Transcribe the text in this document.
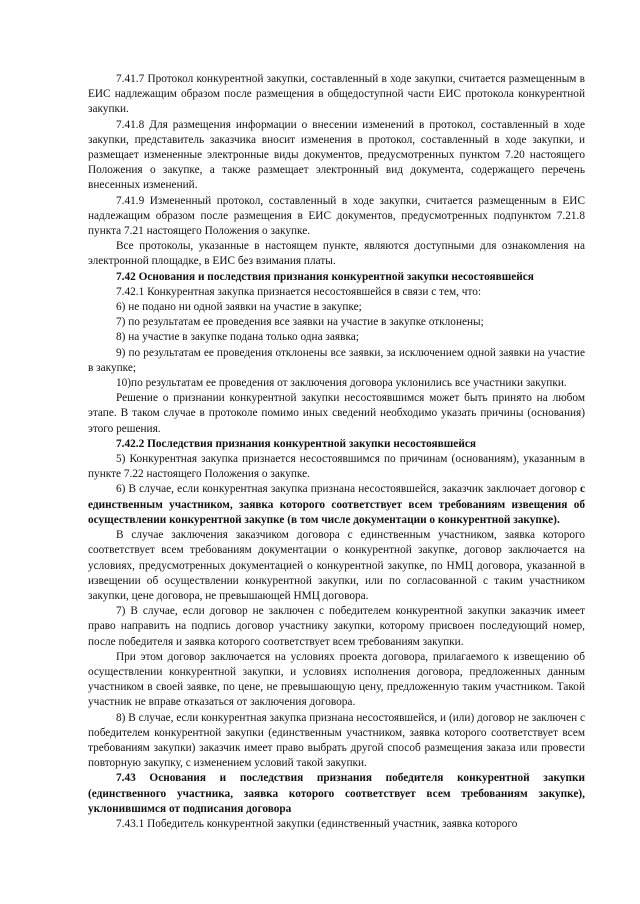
7.41.7 Протокол конкурентной закупки, составленный в ходе закупки, считается размещенным в ЕИС надлежащим образом после размещения в общедоступной части ЕИС протокола конкурентной закупки.

7.41.8 Для размещения информации о внесении изменений в протокол, составленный в ходе закупки, представитель заказчика вносит изменения в протокол, составленный в ходе закупки, и размещает измененные электронные виды документов, предусмотренных пунктом 7.20 настоящего Положения о закупке, а также размещает электронный вид документа, содержащего перечень внесенных изменений.

7.41.9 Измененный протокол, составленный в ходе закупки, считается размещенным в ЕИС надлежащим образом после размещения в ЕИС документов, предусмотренных подпунктом 7.21.8 пункта 7.21 настоящего Положения о закупке.

Все протоколы, указанные в настоящем пункте, являются доступными для ознакомления на электронной площадке, в ЕИС без взимания платы.

7.42 Основания и последствия признания конкурентной закупки несостоявшейся

7.42.1 Конкурентная закупка признается несостоявшейся в связи с тем, что:

6) не подано ни одной заявки на участие в закупке;

7) по результатам ее проведения все заявки на участие в закупке отклонены;

8) на участие в закупке подана только одна заявка;

9) по результатам ее проведения отклонены все заявки, за исключением одной заявки на участие в закупке;

10)по результатам ее проведения от заключения договора уклонились все участники закупки.

Решение о признании конкурентной закупки несостоявшимся может быть принято на любом этапе. В таком случае в протоколе помимо иных сведений необходимо указать причины (основания) этого решения.

7.42.2 Последствия признания конкурентной закупки несостоявшейся

5) Конкурентная закупка признается несостоявшимся по причинам (основаниям), указанным в пункте 7.22 настоящего Положения о закупке.

6) В случае, если конкурентная закупка признана несостоявшейся, заказчик заключает договор с единственным участником, заявка которого соответствует всем требованиям извещения об осуществлении конкурентной закупке (в том числе документации о конкурентной закупке).

В случае заключения заказчиком договора с единственным участником, заявка которого соответствует всем требованиям документации о конкурентной закупке, договор заключается на условиях, предусмотренных документацией о конкурентной закупке, по НМЦ договора, указанной в извещении об осуществлении конкурентной закупки, или по согласованной с таким участником закупки, цене договора, не превышающей НМЦ договора.

7) В случае, если договор не заключен с победителем конкурентной закупки заказчик имеет право направить на подпись договор участнику закупки, которому присвоен последующий номер, после победителя и заявка которого соответствует всем требованиям закупки.

При этом договор заключается на условиях проекта договора, прилагаемого к извещению об осуществлении конкурентной закупки, и условиях исполнения договора, предложенных данным участником в своей заявке, по цене, не превышающую цену, предложенную таким участником. Такой участник не вправе отказаться от заключения договора.

8) В случае, если конкурентная закупка признана несостоявшейся, и (или) договор не заключен с победителем конкурентной закупки (единственным участником, заявка которого соответствует всем требованиям закупки) заказчик имеет право выбрать другой способ размещения заказа или провести повторную закупку, с изменением условий такой закупки.

7.43 Основания и последствия признания победителя конкурентной закупки (единственного участника, заявка которого соответствует всем требованиям закупке), уклонившимся от подписания договора

7.43.1 Победитель конкурентной закупки (единственный участник, заявка которого
